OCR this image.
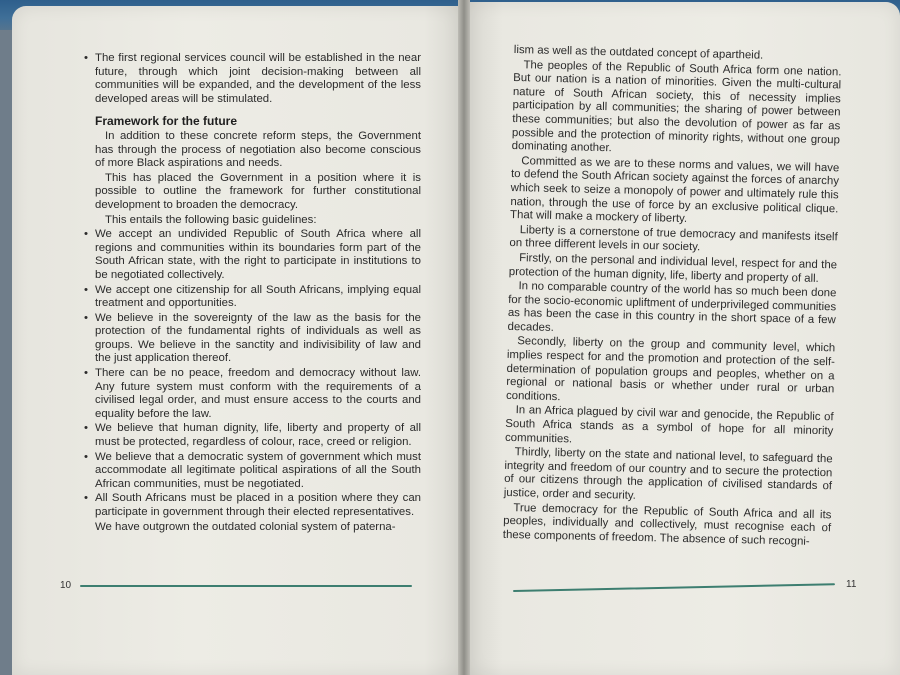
• The first regional services council will be established in the near future, through which joint decision-making between all communities will be expanded, and the development of the less developed areas will be stimulated.
Framework for the future

In addition to these concrete reform steps, the Government has through the process of negotiation also become conscious of more Black aspirations and needs.

This has placed the Government in a position where it is possible to outline the framework for further constitutional development to broaden the democracy.

This entails the following basic guidelines:

• We accept an undivided Republic of South Africa where all regions and communities within its boundaries form part of the South African state, with the right to participate in institutions to be negotiated collectively.
• We accept one citizenship for all South Africans, implying equal treatment and opportunities.
• We believe in the sovereignty of the law as the basis for the protection of the fundamental rights of individuals as well as groups. We believe in the sanctity and indivisibility of law and the just application thereof.
• There can be no peace, freedom and democracy without law. Any future system must conform with the requirements of a civilised legal order, and must ensure access to the courts and equality before the law.
• We believe that human dignity, life, liberty and property of all must be protected, regardless of colour, race, creed or religion.
• We believe that a democratic system of government which must accommodate all legitimate political aspirations of all the South African communities, must be negotiated.
• All South Africans must be placed in a position where they can participate in government through their elected representatives.

We have outgrown the outdated colonial system of paterna-

10

lism as well as the outdated concept of apartheid.

The peoples of the Republic of South Africa form one nation. But our nation is a nation of minorities. Given the multi-cultural nature of South African society, this of necessity implies participation by all communities; the sharing of power between these communities; but also the devolution of power as far as possible and the protection of minority rights, without one group dominating another.

Committed as we are to these norms and values, we will have to defend the South African society against the forces of anarchy which seek to seize a monopoly of power and ultimately rule this nation, through the use of force by an exclusive political clique. That will make a mockery of liberty.

Liberty is a cornerstone of true democracy and manifests itself on three different levels in our society.

Firstly, on the personal and individual level, respect for and the protection of the human dignity, life, liberty and property of all.

In no comparable country of the world has so much been done for the socio-economic upliftment of underprivileged communities as has been the case in this country in the short space of a few decades.

Secondly, liberty on the group and community level, which implies respect for and the promotion and protection of the self-determination of population groups and peoples, whether on a regional or national basis or whether under rural or urban conditions.

In an Africa plagued by civil war and genocide, the Republic of South Africa stands as a symbol of hope for all minority communities.

Thirdly, liberty on the state and national level, to safeguard the integrity and freedom of our country and to secure the protection of our citizens through the application of civilised standards of justice, order and security.

True democracy for the Republic of South Africa and all its peoples, individually and collectively, must recognise each of these components of freedom. The absence of such recogni-

11
